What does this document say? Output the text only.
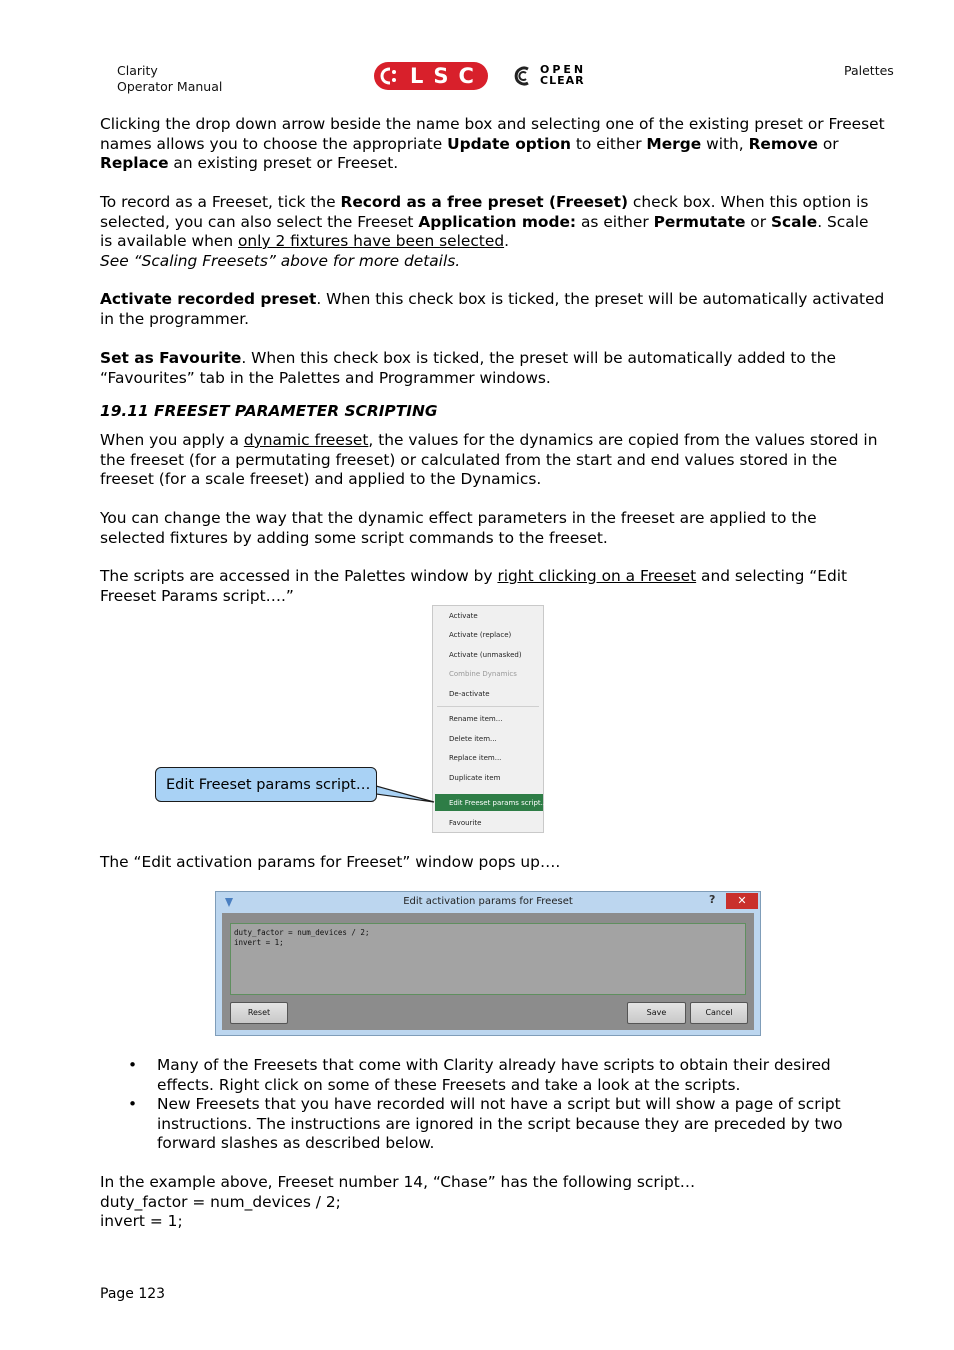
Clarity
Operator Manual	LSC	OPEN
CLEAR
Palettes
Clicking the drop down arrow beside the name box and selecting one of the existing preset or Freeset names allows you to choose the appropriate Update option to either Merge with, Remove or Replace an existing preset or Freeset.
To record as a Freeset, tick the Record as a free preset (Freeset) check box. When this option is selected, you can also select the Freeset Application mode: as either Permutate or Scale. Scale is available when only 2 fixtures have been selected.
See “Scaling Freesets” above for more details.
Activate recorded preset. When this check box is ticked, the preset will be automatically activated in the programmer.
Set as Favourite. When this check box is ticked, the preset will be automatically added to the “Favourites” tab in the Palettes and Programmer windows.
19.11 FREESET PARAMETER SCRIPTING
When you apply a dynamic freeset, the values for the dynamics are copied from the values stored in the freeset (for a permutating freeset) or calculated from the start and end values stored in the freeset (for a scale freeset) and applied to the Dynamics.
You can change the way that the dynamic effect parameters in the freeset are applied to the selected fixtures by adding some script commands to the freeset.
The scripts are accessed in the Palettes window by right clicking on a Freeset and selecting “Edit Freeset Params script….”
Activate
Activate (replace)
Activate (unmasked)
Combine Dynamics
De-activate
Rename item...
Delete item...
Replace item...
Duplicate item
Edit Freeset params script...
Favourite
Edit Freeset params script…
The “Edit activation params for Freeset” window pops up….
Edit activation params for Freeset	?	✕
duty_factor = num_devices / 2;
invert = 1;
Reset	Save	Cancel
• Many of the Freesets that come with Clarity already have scripts to obtain their desired effects. Right click on some of these Freesets and take a look at the scripts.
• New Freesets that you have recorded will not have a script but will show a page of script instructions. The instructions are ignored in the script because they are preceded by two forward slashes as described below.
In the example above, Freeset number 14, “Chase” has the following script…
duty_factor = num_devices / 2;
invert = 1;
Page 123
